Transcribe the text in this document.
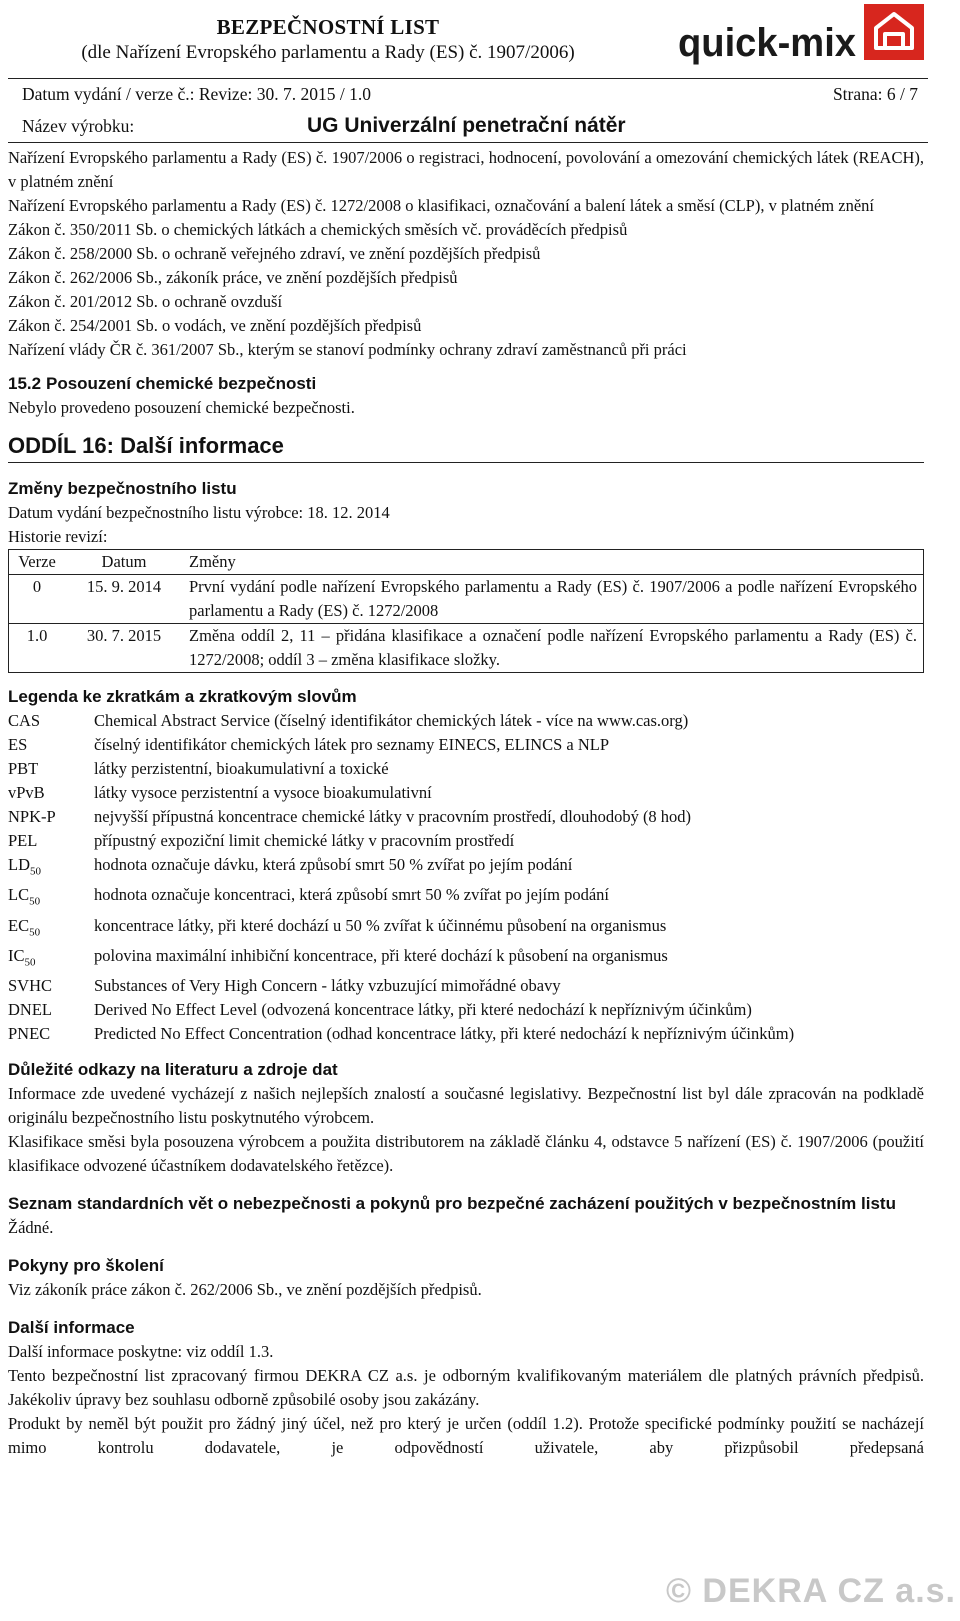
BEZPEČNOSTNÍ LIST
(dle Nařízení Evropského parlamentu a Rady (ES) č. 1907/2006)	quick-mix
Datum vydání / verze č.: Revize: 30. 7. 2015 / 1.0	Strana: 6 / 7
Název výrobku:	UG Univerzální penetrační nátěr
Nařízení Evropského parlamentu a Rady (ES) č. 1907/2006 o registraci, hodnocení, povolování a omezování chemických látek (REACH), v platném znění
Nařízení Evropského parlamentu a Rady (ES) č. 1272/2008 o klasifikaci, označování a balení látek a směsí (CLP), v platném znění
Zákon č. 350/2011 Sb. o chemických látkách a chemických směsích vč. prováděcích předpisů
Zákon č. 258/2000 Sb. o ochraně veřejného zdraví, ve znění pozdějších předpisů
Zákon č. 262/2006 Sb., zákoník práce, ve znění pozdějších předpisů
Zákon č. 201/2012 Sb. o ochraně ovzduší
Zákon č. 254/2001 Sb. o vodách, ve znění pozdějších předpisů
Nařízení vlády ČR č. 361/2007 Sb., kterým se stanoví podmínky ochrany zdraví zaměstnanců při práci
15.2 Posouzení chemické bezpečnosti
Nebylo provedeno posouzení chemické bezpečnosti.
ODDÍL 16: Další informace
Změny bezpečnostního listu
Datum vydání bezpečnostního listu výrobce: 18. 12. 2014
Historie revizí:
Verze	Datum	Změny
0	15. 9. 2014	První vydání podle nařízení Evropského parlamentu a Rady (ES) č. 1907/2006 a podle nařízení Evropského parlamentu a Rady (ES) č. 1272/2008
1.0	30. 7. 2015	Změna oddíl 2, 11 – přidána klasifikace a označení podle nařízení Evropského parlamentu a Rady (ES) č. 1272/2008; oddíl 3 – změna klasifikace složky.
Legenda ke zkratkám a zkratkovým slovům
CAS	Chemical Abstract Service (číselný identifikátor chemických látek - více na www.cas.org)
ES	číselný identifikátor chemických látek pro seznamy EINECS, ELINCS a NLP
PBT	látky perzistentní, bioakumulativní a toxické
vPvB	látky vysoce perzistentní a vysoce bioakumulativní
NPK-P	nejvyšší přípustná koncentrace chemické látky v pracovním prostředí, dlouhodobý (8 hod)
PEL	přípustný expoziční limit chemické látky v pracovním prostředí
$LD_{50}$	hodnota označuje dávku, která způsobí smrt 50 % zvířat po jejím podání
$LC_{50}$	hodnota označuje koncentraci, která způsobí smrt 50 % zvířat po jejím podání
$EC_{50}$	koncentrace látky, při které dochází u 50 % zvířat k účinnému působení na organismus
$IC_{50}$	polovina maximální inhibiční koncentrace, při které dochází k působení na organismus
SVHC	Substances of Very High Concern - látky vzbuzující mimořádné obavy
DNEL	Derived No Effect Level (odvozená koncentrace látky, při které nedochází k nepříznivým účinkům)
PNEC	Predicted No Effect Concentration (odhad koncentrace látky, při které nedochází k nepříznivým účinkům)
Důležité odkazy na literaturu a zdroje dat
Informace zde uvedené vycházejí z našich nejlepších znalostí a současné legislativy. Bezpečnostní list byl dále zpracován na podkladě originálu bezpečnostního listu poskytnutého výrobcem.
Klasifikace směsi byla posouzena výrobcem a použita distributorem na základě článku 4, odstavce 5 nařízení (ES) č. 1907/2006 (použití klasifikace odvozené účastníkem dodavatelského řetězce).
Seznam standardních vět o nebezpečnosti a pokynů pro bezpečné zacházení použitých v bezpečnostním listu
Žádné.
Pokyny pro školení
Viz zákoník práce zákon č. 262/2006 Sb., ve znění pozdějších předpisů.
Další informace
Další informace poskytne: viz oddíl 1.3.
Tento bezpečnostní list zpracovaný firmou DEKRA CZ a.s. je odborným kvalifikovaným materiálem dle platných právních předpisů. Jakékoliv úpravy bez souhlasu odborně způsobilé osoby jsou zakázány.
Produkt by neměl být použit pro žádný jiný účel, než pro který je určen (oddíl 1.2). Protože specifické podmínky použití se nacházejí mimo kontrolu dodavatele, je odpovědností uživatele, aby přizpůsobil předepsaná
© DEKRA CZ a.s.
